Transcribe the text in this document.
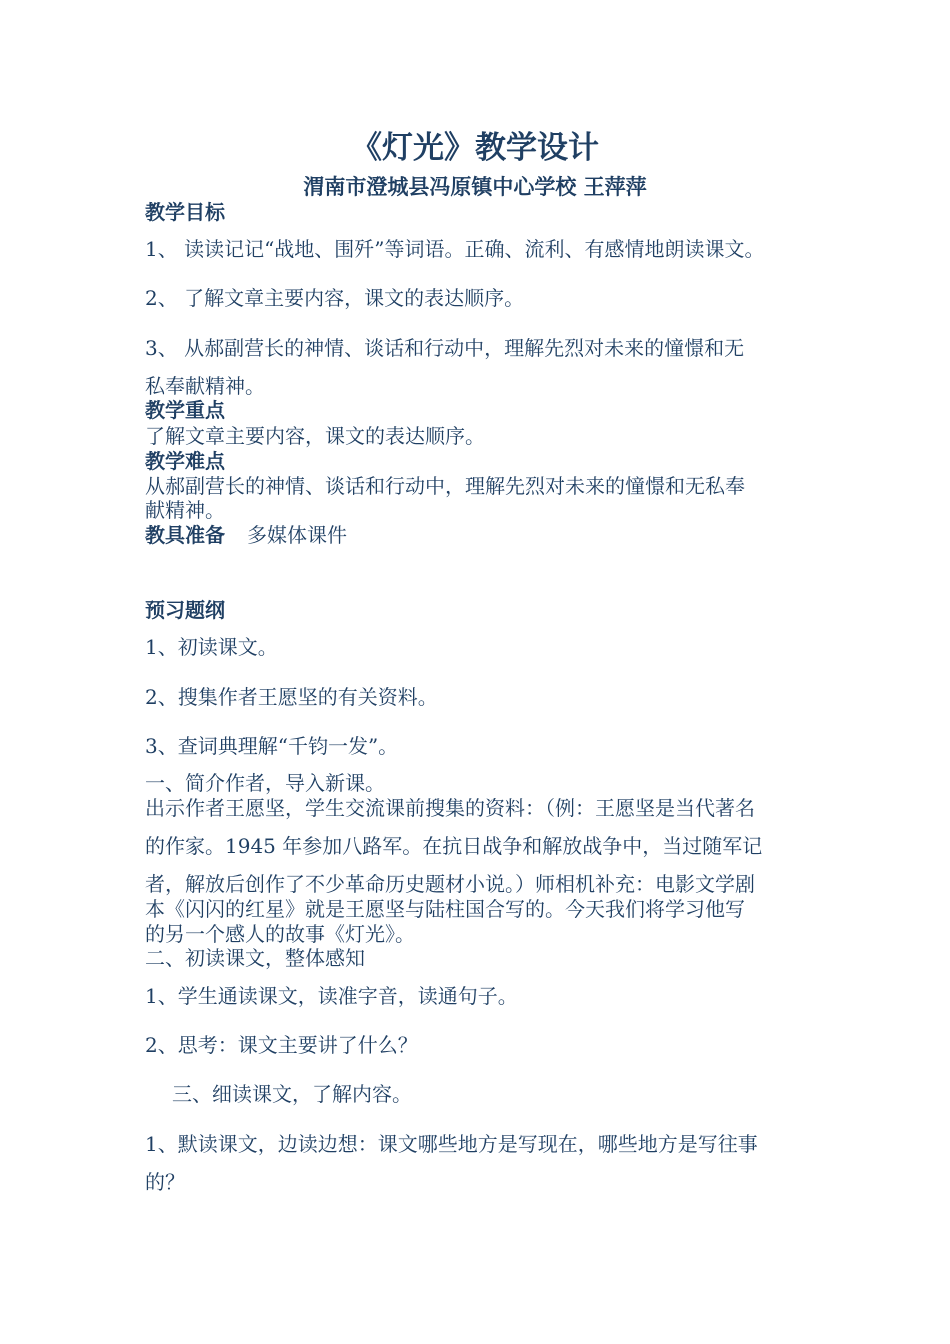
《灯光》教学设计
渭南市澄城县冯原镇中心学校 王萍萍
教学目标
1、 读读记记“战地、围歼”等词语。正确、流利、有感情地朗读课文。
2、 了解文章主要内容，课文的表达顺序。
3、 从郝副营长的神情、谈话和行动中，理解先烈对未来的憧憬和无
私奉献精神。
教学重点
了解文章主要内容，课文的表达顺序。
教学难点
从郝副营长的神情、谈话和行动中，理解先烈对未来的憧憬和无私奉
献精神。
教具准备 多媒体课件
预习题纲
1、初读课文。
2、搜集作者王愿坚的有关资料。
3、查词典理解“千钧一发”。
一、简介作者，导入新课。
出示作者王愿坚，学生交流课前搜集的资料：（例：王愿坚是当代著名
的作家。1945 年参加八路军。在抗日战争和解放战争中，当过随军记
者，解放后创作了不少革命历史题材小说。）师相机补充：电影文学剧
本《闪闪的红星》就是王愿坚与陆柱国合写的。今天我们将学习他写
的另一个感人的故事《灯光》。
二、初读课文，整体感知
1、学生通读课文，读准字音，读通句子。
2、思考：课文主要讲了什么？
三、细读课文，了解内容。
1、默读课文，边读边想：课文哪些地方是写现在，哪些地方是写往事
的？
